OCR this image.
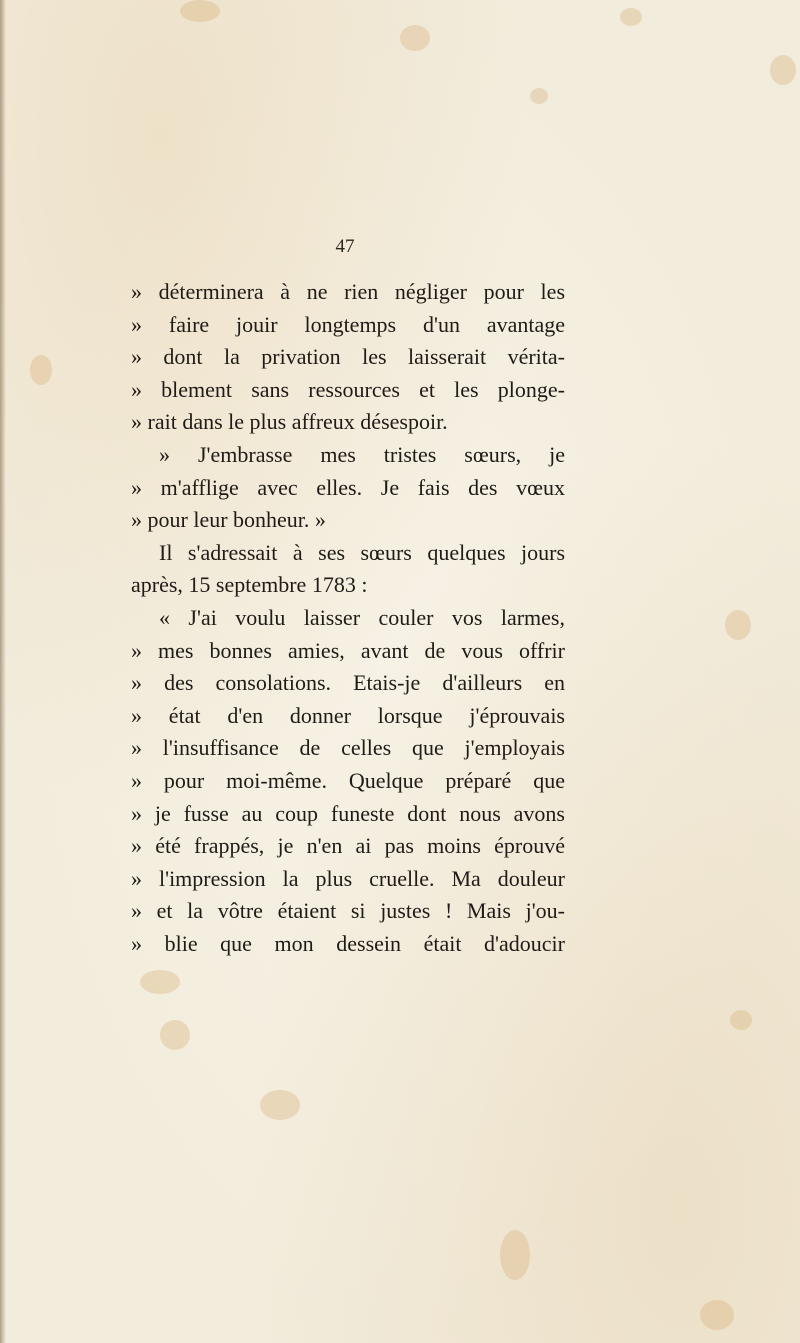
47
» déterminera à ne rien négliger pour les
» faire jouir longtemps d'un avantage
» dont la privation les laisserait vérita-
» blement sans ressources et les plonge-
» rait dans le plus affreux désespoir.
» J'embrasse mes tristes sœurs, je
» m'afflige avec elles. Je fais des vœux
» pour leur bonheur. »
Il s'adressait à ses sœurs quelques jours
après, 15 septembre 1783 :
« J'ai voulu laisser couler vos larmes,
» mes bonnes amies, avant de vous offrir
» des consolations. Etais-je d'ailleurs en
» état d'en donner lorsque j'éprouvais
» l'insuffisance de celles que j'employais
» pour moi-même. Quelque préparé que
» je fusse au coup funeste dont nous avons
» été frappés, je n'en ai pas moins éprouvé
» l'impression la plus cruelle. Ma douleur
» et la vôtre étaient si justes ! Mais j'ou-
» blie que mon dessein était d'adoucir
